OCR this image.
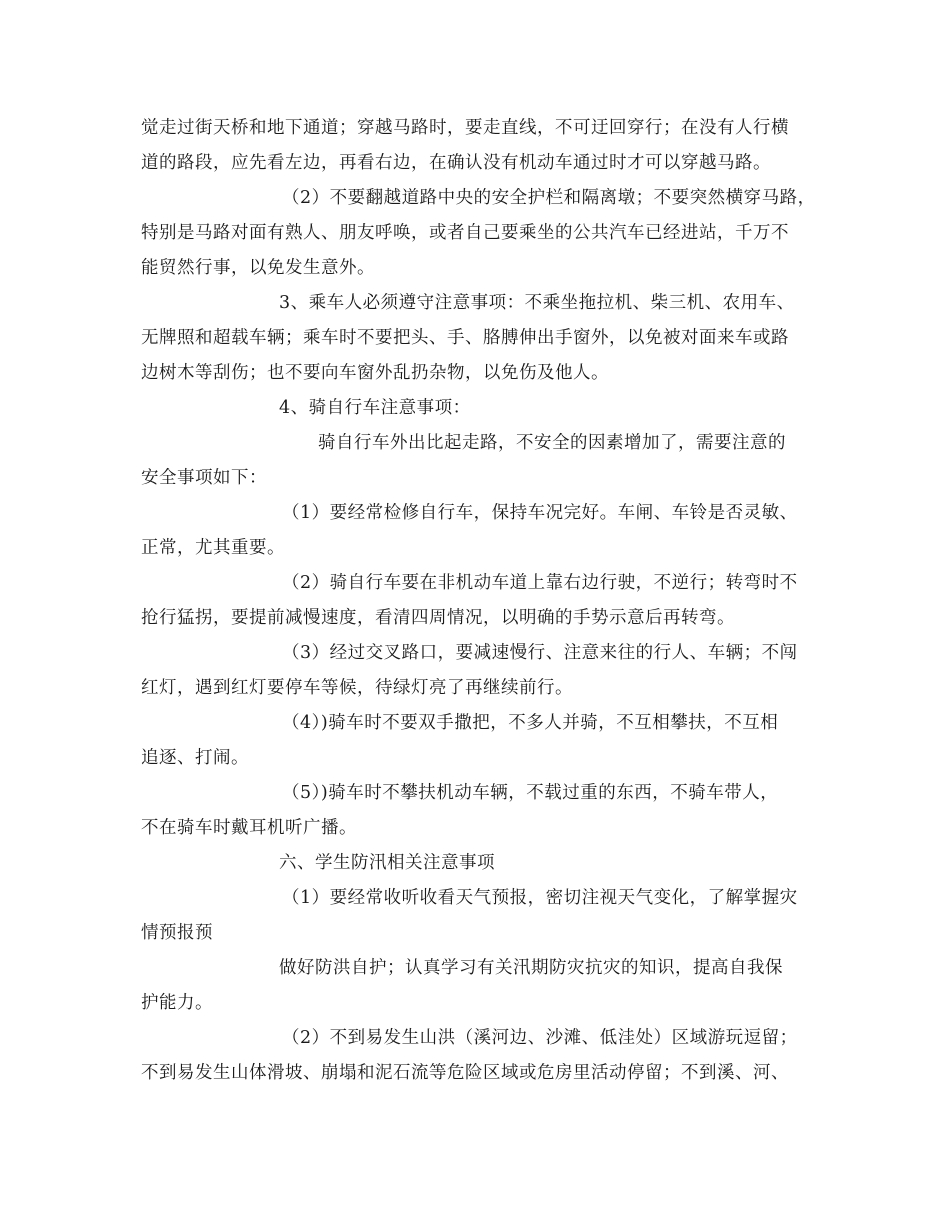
觉走过街天桥和地下通道；穿越马路时，要走直线，不可迂回穿行；在没有人行横

道的路段，应先看左边，再看右边，在确认没有机动车通过时才可以穿越马路。

（2）不要翻越道路中央的安全护栏和隔离墩；不要突然横穿马路，

特别是马路对面有熟人、朋友呼唤，或者自己要乘坐的公共汽车已经进站，千万不

能贸然行事，以免发生意外。

3、乘车人必须遵守注意事项：不乘坐拖拉机、柴三机、农用车、

无牌照和超载车辆；乘车时不要把头、手、胳膊伸出手窗外，以免被对面来车或路

边树木等刮伤；也不要向车窗外乱扔杂物，以免伤及他人。

4、骑自行车注意事项：

骑自行车外出比起走路，不安全的因素增加了，需要注意的

安全事项如下：

（1）要经常检修自行车，保持车况完好。车闸、车铃是否灵敏、

正常，尤其重要。

（2）骑自行车要在非机动车道上靠右边行驶，不逆行；转弯时不

抢行猛拐，要提前减慢速度，看清四周情况，以明确的手势示意后再转弯。

（3）经过交叉路口，要减速慢行、注意来往的行人、车辆；不闯

红灯，遇到红灯要停车等候，待绿灯亮了再继续前行。

（4）)骑车时不要双手撒把，不多人并骑，不互相攀扶，不互相

追逐、打闹。

（5）)骑车时不攀扶机动车辆，不载过重的东西，不骑车带人，

不在骑车时戴耳机听广播。

六、学生防汛相关注意事项

（1）要经常收听收看天气预报，密切注视天气变化，了解掌握灾

情预报预

做好防洪自护；认真学习有关汛期防灾抗灾的知识，提高自我保

护能力。

（2）不到易发生山洪（溪河边、沙滩、低洼处）区域游玩逗留；

不到易发生山体滑坡、崩塌和泥石流等危险区域或危房里活动停留；不到溪、河、
